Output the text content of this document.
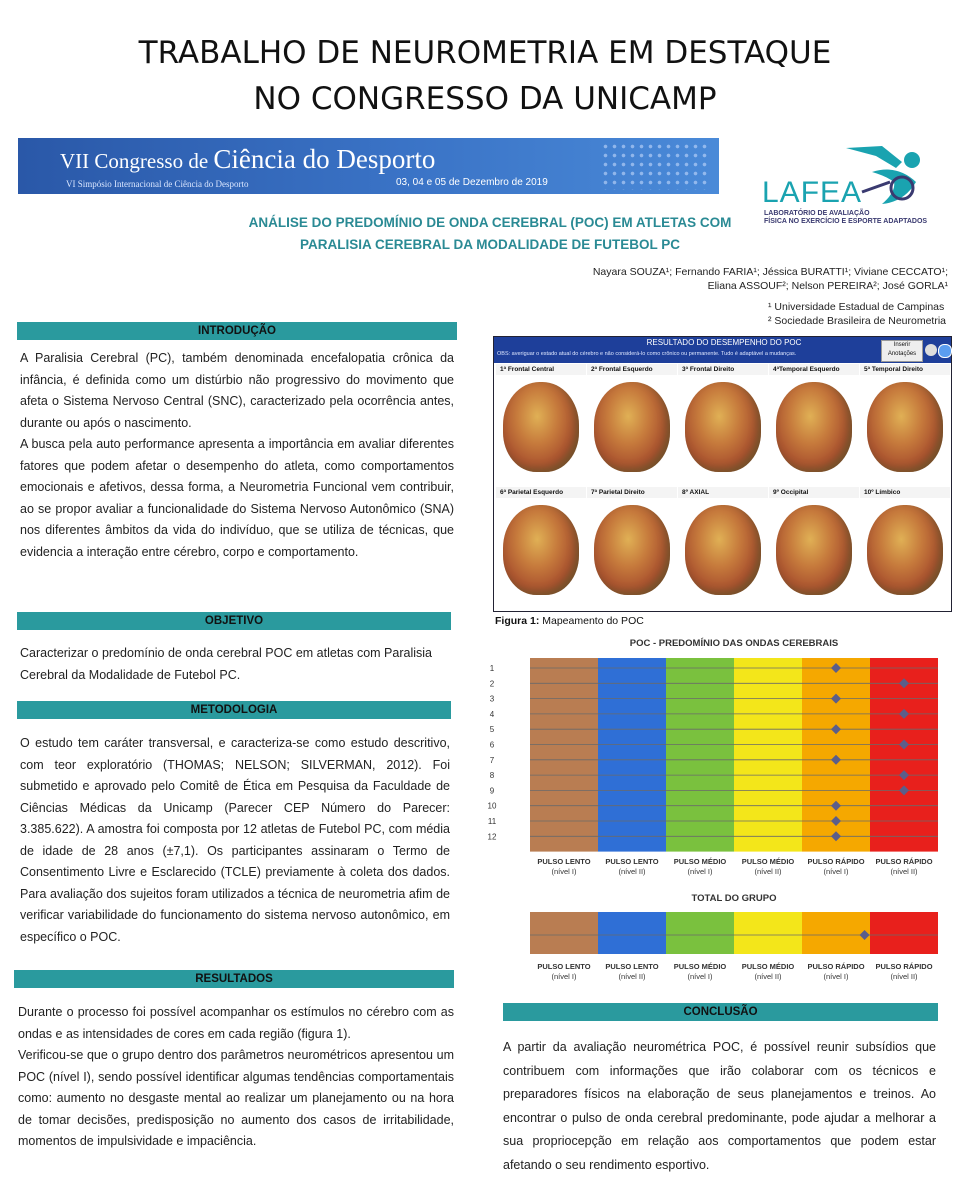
TRABALHO DE NEUROMETRIA EM DESTAQUE
NO CONGRESSO DA UNICAMP
VII Congresso de Ciência do Desporto
VI Simpósio Internacional de Ciência do Desporto	03, 04 e 05 de Dezembro de 2019	LAFEA
LABORATÓRIO DE AVALIAÇÃO
FÍSICA NO EXERCÍCIO E ESPORTE ADAPTADOS
ANÁLISE DO PREDOMÍNIO DE ONDA CEREBRAL (POC) EM ATLETAS COM
PARALISIA CEREBRAL DA MODALIDADE DE FUTEBOL PC
Nayara SOUZA¹; Fernando FARIA¹; Jéssica BURATTI¹; Viviane CECCATO¹;
Eliana ASSOUF²; Nelson PEREIRA²; José GORLA¹
¹ Universidade Estadual de Campinas
² Sociedade Brasileira de Neurometria
INTRODUÇÃO

A Paralisia Cerebral (PC), também denominada encefalopatia crônica da infância, é definida como um distúrbio não progressivo do movimento que afeta o Sistema Nervoso Central (SNC), caracterizado pela ocorrência antes, durante ou após o nascimento.

A busca pela auto performance apresenta a importância em avaliar diferentes fatores que podem afetar o desempenho do atleta, como comportamentos emocionais e afetivos, dessa forma, a Neurometria Funcional vem contribuir, ao se propor avaliar a funcionalidade do Sistema Nervoso Autonômico (SNA) nos diferentes âmbitos da vida do indivíduo, que se utiliza de técnicas, que evidencia a interação entre cérebro, corpo e comportamento.

OBJETIVO

Caracterizar o predomínio de onda cerebral POC em atletas com Paralisia Cerebral da Modalidade de Futebol PC.

METODOLOGIA

O estudo tem caráter transversal, e caracteriza-se como estudo descritivo, com teor exploratório (THOMAS; NELSON; SILVERMAN, 2012). Foi submetido e aprovado pelo Comitê de Ética em Pesquisa da Faculdade de Ciências Médicas da Unicamp (Parecer CEP Número do Parecer: 3.385.622). A amostra foi composta por 12 atletas de Futebol PC, com média de idade de 28 anos (±7,1). Os participantes assinaram o Termo de Consentimento Livre e Esclarecido (TCLE) previamente à coleta dos dados. Para avaliação dos sujeitos foram utilizados a técnica de neurometria afim de verificar variabilidade do funcionamento do sistema nervoso autonômico, em específico o POC.

RESULTADOS

Durante o processo foi possível acompanhar os estímulos no cérebro com as ondas e as intensidades de cores em cada região (figura 1).

Verificou-se que o grupo dentro dos parâmetros neurométricos apresentou um POC (nível I), sendo possível identificar algumas tendências comportamentais como: aumento no desgaste mental ao realizar um planejamento ou na hora de tomar decisões, predisposição no aumento dos casos de irritabilidade, momentos de impulsividade e impaciência.

RESULTADO DO DESEMPENHO DO POC
OBS: averiguar o estado atual do cérebro e não considerá-lo como crônico ou permanente. Tudo é adaptável a mudanças.
Inserir
Anotações
1ª Frontal Central	2ª Frontal Esquerdo	3ª Frontal Direito	4ªTemporal Esquerdo	5ª Temporal Direito
6ª Parietal Esquerdo	7ª Parietal Direito	8º AXIAL	9º Occipital	10º Límbico
Figura 1: Mapeamento do POC
POC - PREDOMÍNIO DAS ONDAS CEREBRAIS
1
2
3
4
5
6
7
8
9
10
11
12
PULSO LENTO (nível I)
PULSO LENTO (nível II)
PULSO MÉDIO (nível I)
PULSO MÉDIO (nível II)
PULSO RÁPIDO (nível I)
PULSO RÁPIDO (nível II)
TOTAL DO GRUPO
PULSO LENTO (nível I)
PULSO LENTO (nível II)
PULSO MÉDIO (nível I)
PULSO MÉDIO (nível II)
PULSO RÁPIDO (nível I)
PULSO RÁPIDO (nível II)
CONCLUSÃO

A partir da avaliação neurométrica POC, é possível reunir subsídios que contribuem com informações que irão colaborar com os técnicos e preparadores físicos na elaboração de seus planejamentos e treinos. Ao encontrar o pulso de onda cerebral predominante, pode ajudar a melhorar a sua propriocepção em relação aos comportamentos que podem estar afetando o seu rendimento esportivo.
